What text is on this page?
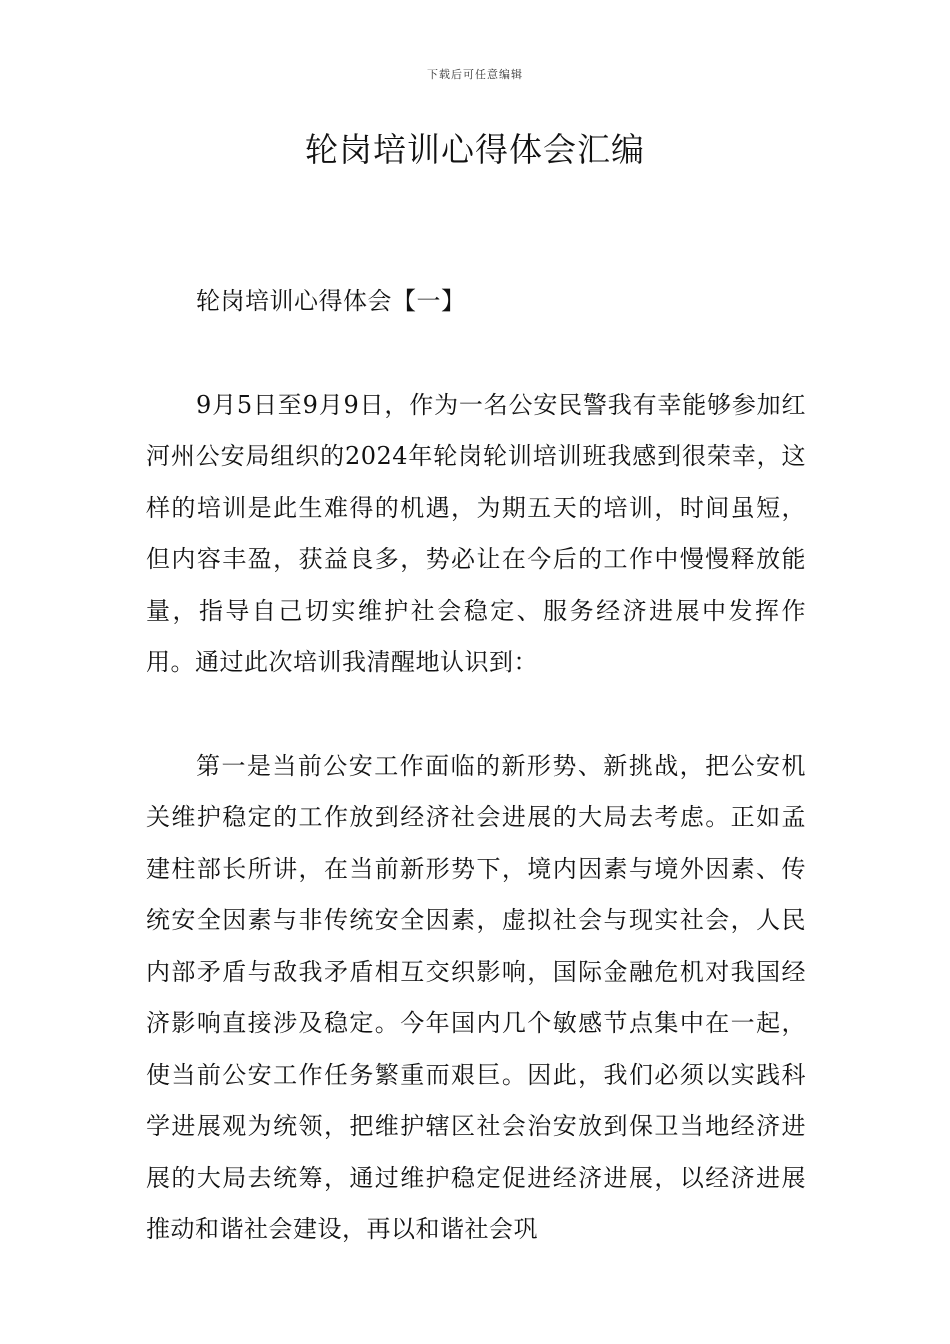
下载后可任意编辑
轮岗培训心得体会汇编

轮岗培训心得体会【一】

9月5日至9月9日，作为一名公安民警我有幸能够参加红河州公安局组织的2024年轮岗轮训培训班我感到很荣幸，这样的培训是此生难得的机遇，为期五天的培训，时间虽短，但内容丰盈，获益良多，势必让在今后的工作中慢慢释放能量，指导自己切实维护社会稳定、服务经济进展中发挥作用。通过此次培训我清醒地认识到：

第一是当前公安工作面临的新形势、新挑战，把公安机关维护稳定的工作放到经济社会进展的大局去考虑。正如孟建柱部长所讲，在当前新形势下，境内因素与境外因素、传统安全因素与非传统安全因素，虚拟社会与现实社会，人民内部矛盾与敌我矛盾相互交织影响，国际金融危机对我国经济影响直接涉及稳定。今年国内几个敏感节点集中在一起，使当前公安工作任务繁重而艰巨。因此，我们必须以实践科学进展观为统领，把维护辖区社会治安放到保卫当地经济进展的大局去统筹，通过维护稳定促进经济进展，以经济进展推动和谐社会建设，再以和谐社会巩
